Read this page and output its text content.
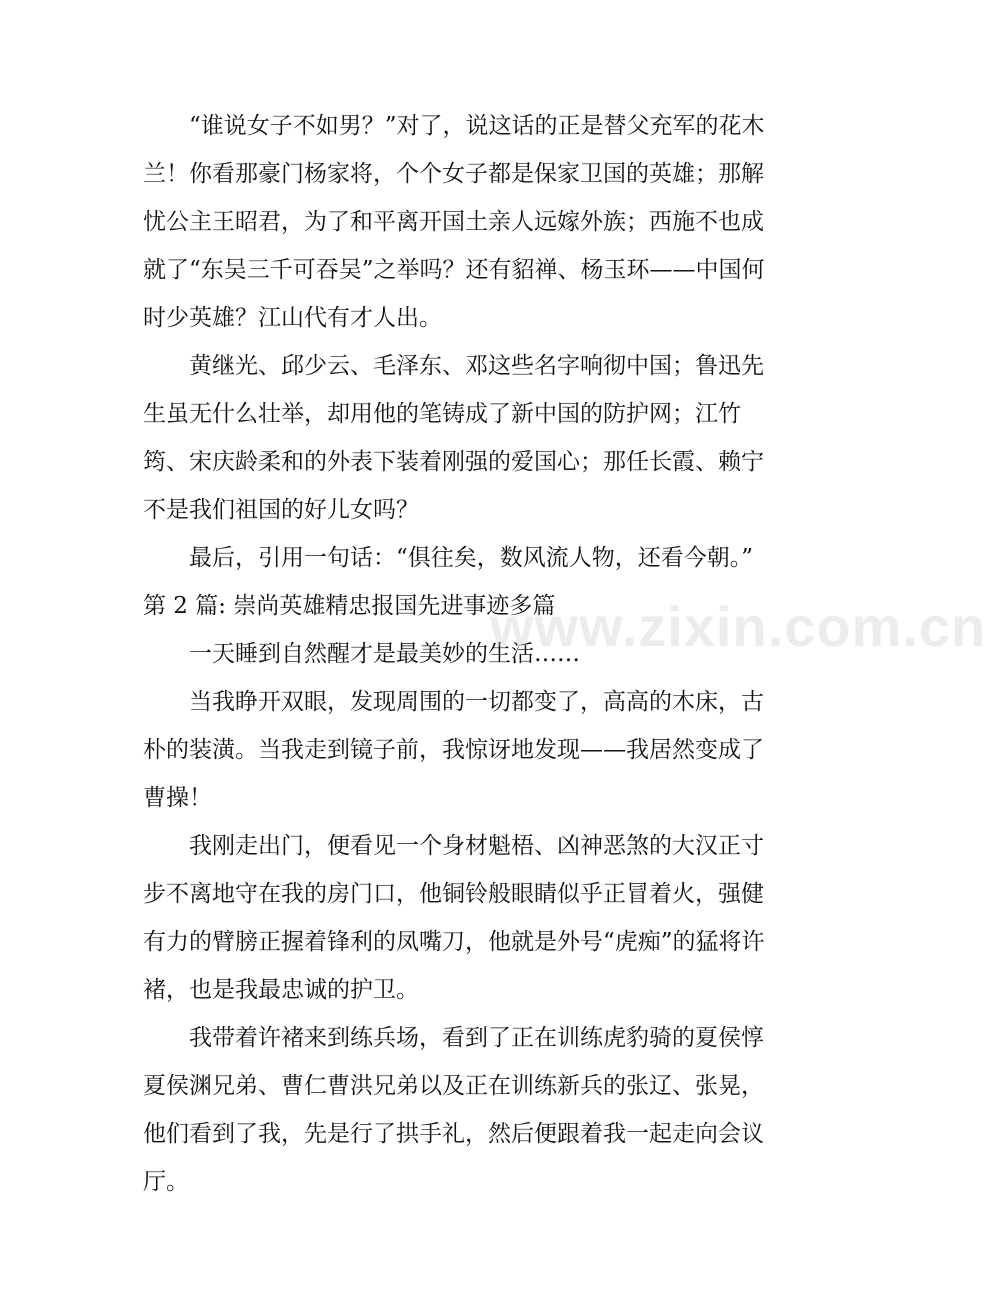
“谁说女子不如男？”对了，说这话的正是替父充军的花木兰！你看那豪门杨家将，个个女子都是保家卫国的英雄；那解忧公主王昭君，为了和平离开国土亲人远嫁外族；西施不也成就了“东吴三千可吞吴”之举吗？还有貂禅、杨玉环——中国何时少英雄？江山代有才人出。

黄继光、邱少云、毛泽东、邓这些名字响彻中国；鲁迅先生虽无什么壮举，却用他的笔铸成了新中国的防护网；江竹筠、宋庆龄柔和的外表下装着刚强的爱国心；那任长霞、赖宁不是我们祖国的好儿女吗？

最后，引用一句话：“俱往矣，数风流人物，还看今朝。”

第 2 篇: 崇尚英雄精忠报国先进事迹多篇

一天睡到自然醒才是最美妙的生活……

当我睁开双眼，发现周围的一切都变了，高高的木床，古朴的装潢。当我走到镜子前，我惊讶地发现——我居然变成了曹操！

我刚走出门，便看见一个身材魁梧、凶神恶煞的大汉正寸步不离地守在我的房门口，他铜铃般眼睛似乎正冒着火，强健有力的臂膀正握着锋利的凤嘴刀，他就是外号“虎痴”的猛将许褚，也是我最忠诚的护卫。

我带着许褚来到练兵场，看到了正在训练虎豹骑的夏侯惇夏侯渊兄弟、曹仁曹洪兄弟以及正在训练新兵的张辽、张晃，他们看到了我，先是行了拱手礼，然后便跟着我一起走向会议厅。

www.zixin.com.cn
